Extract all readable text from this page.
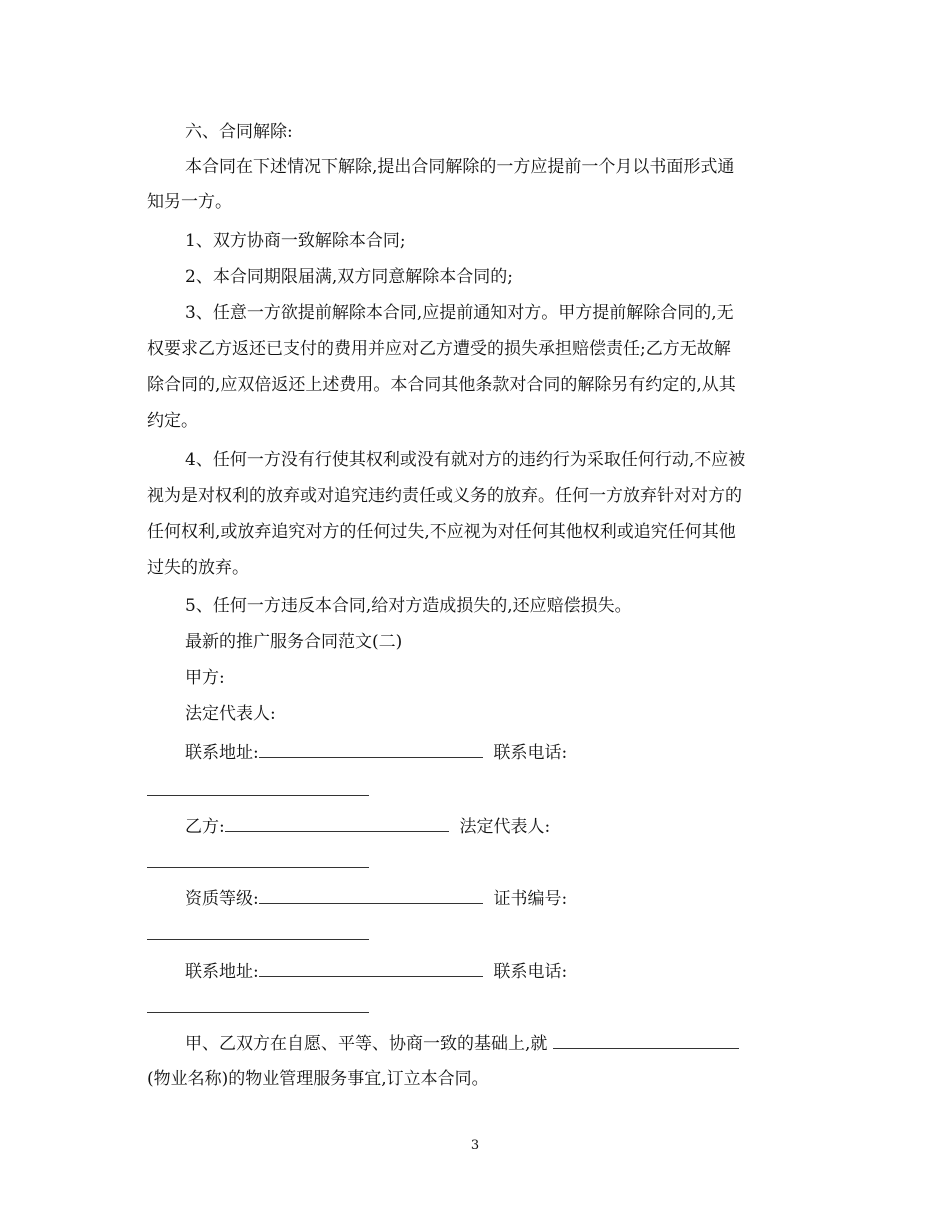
六、合同解除:
本合同在下述情况下解除,提出合同解除的一方应提前一个月以书面形式通
知另一方。
1、双方协商一致解除本合同;
2、本合同期限届满,双方同意解除本合同的;
3、任意一方欲提前解除本合同,应提前通知对方。甲方提前解除合同的,无
权要求乙方返还已支付的费用并应对乙方遭受的损失承担赔偿责任;乙方无故解
除合同的,应双倍返还上述费用。本合同其他条款对合同的解除另有约定的,从其
约定。
4、任何一方没有行使其权利或没有就对方的违约行为采取任何行动,不应被
视为是对权利的放弃或对追究违约责任或义务的放弃。任何一方放弃针对对方的
任何权利,或放弃追究对方的任何过失,不应视为对任何其他权利或追究任何其他
过失的放弃。
5、任何一方违反本合同,给对方造成损失的,还应赔偿损失。
最新的推广服务合同范文(二)
甲方:
法定代表人:
联系地址:	联系电话:
乙方:	法定代表人:
资质等级:	证书编号:
联系地址:	联系电话:
甲、乙双方在自愿、平等、协商一致的基础上,就
(物业名称)的物业管理服务事宜,订立本合同。
3
